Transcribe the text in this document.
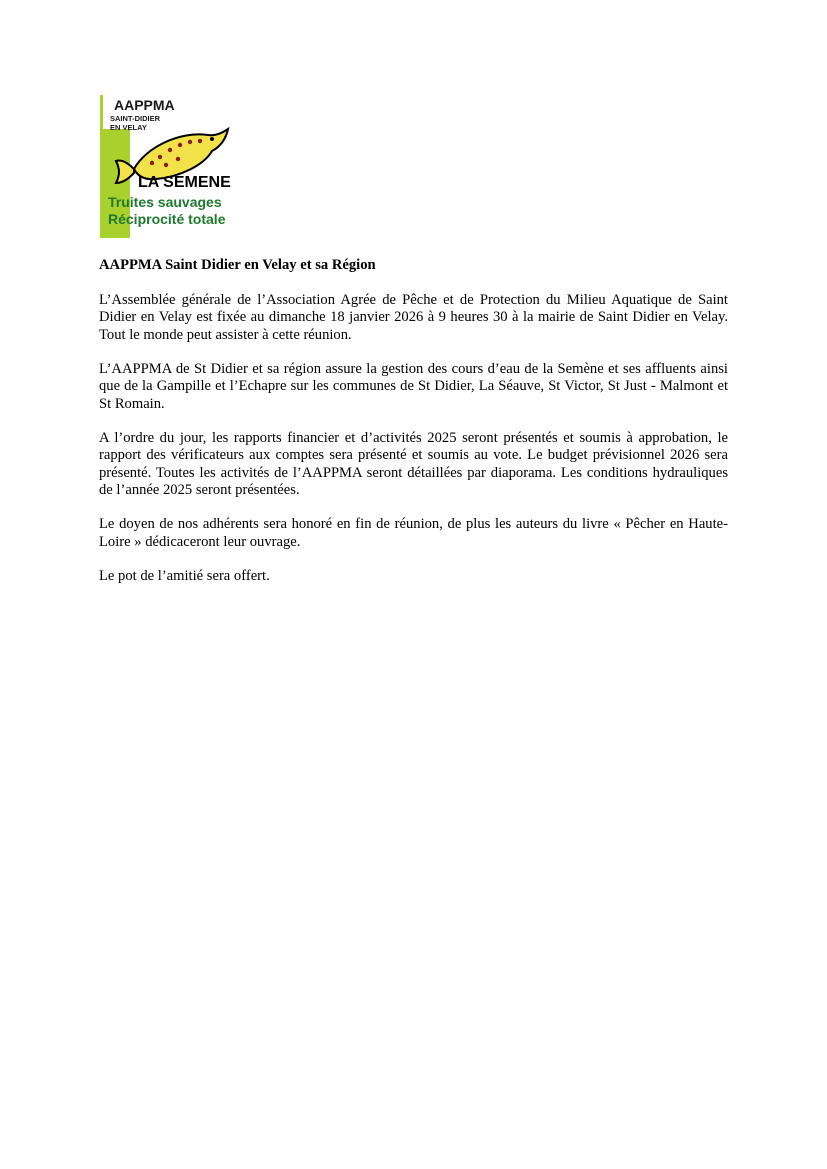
AAPPMA
SAINT-DIDIER
EN VELAY
LA SEMENE
Truites sauvages
Réciprocité totale

AAPPMA Saint Didier en Velay et sa Région

L’Assemblée générale de l’Association Agrée de Pêche et de Protection du Milieu Aquatique de Saint Didier en Velay est fixée au dimanche 18 janvier 2026 à 9 heures 30 à la mairie de Saint Didier en Velay. Tout le monde peut assister à cette réunion.

L’AAPPMA de St Didier et sa région assure la gestion des cours d’eau de la Semène et ses affluents ainsi que de la Gampille et l’Echapre sur les communes de St Didier, La Séauve, St Victor, St Just - Malmont et St Romain.

A l’ordre du jour, les rapports financier et d’activités 2025 seront présentés et soumis à approbation, le rapport des vérificateurs aux comptes sera présenté et soumis au vote. Le budget prévisionnel 2026 sera présenté. Toutes les activités de l’AAPPMA seront détaillées par diaporama. Les conditions hydrauliques de l’année 2025 seront présentées.

Le doyen de nos adhérents sera honoré en fin de réunion, de plus les auteurs du livre « Pêcher en Haute-Loire » dédicaceront leur ouvrage.

Le pot de l’amitié sera offert.
